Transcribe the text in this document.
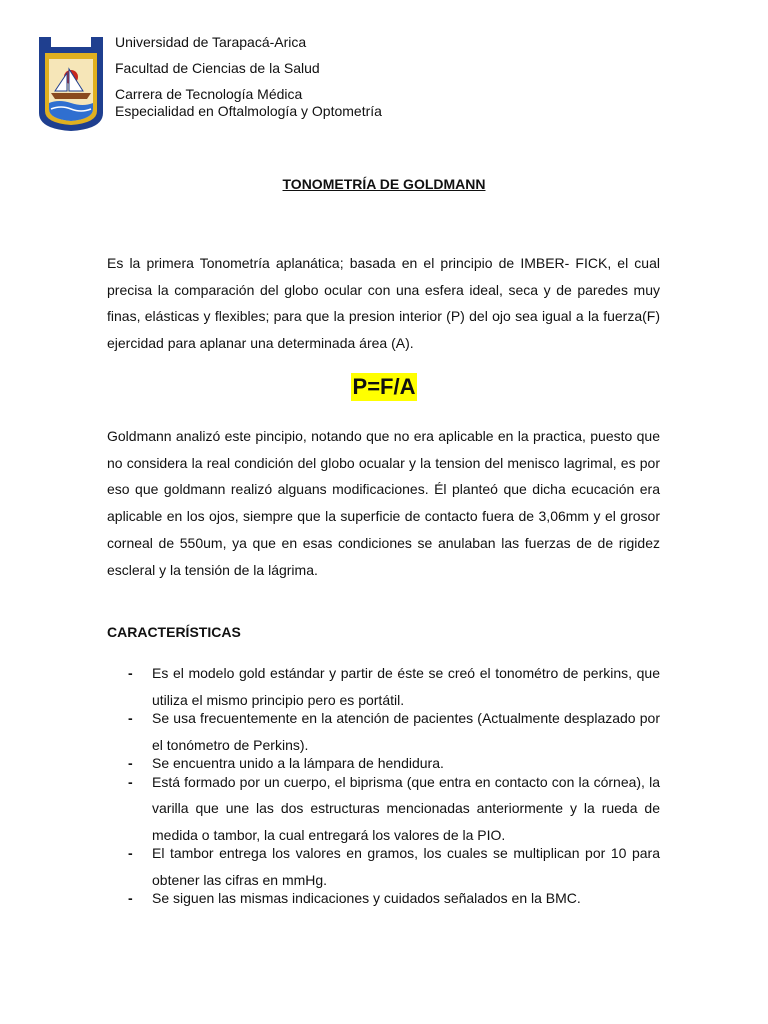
Universidad de Tarapacá-Arica
Facultad de Ciencias de la Salud
Carrera de Tecnología Médica
Especialidad en Oftalmología y Optometría
TONOMETRÍA DE GOLDMANN

Es la primera Tonometría aplanática; basada en el principio de IMBER- FICK, el cual precisa la comparación del globo ocular con una esfera ideal, seca y de paredes muy finas, elásticas y flexibles; para que la presion interior (P) del ojo sea igual a la fuerza(F) ejercidad para aplanar una determinada área (A).

P=F/A

Goldmann analizó este pincipio, notando que no era aplicable en la practica, puesto que no considera la real condición del globo ocualar y la tension del menisco lagrimal, es por eso que goldmann realizó alguans modificaciones. Él planteó que dicha ecucación era aplicable en los ojos, siempre que la superficie de contacto fuera de 3,06mm y el grosor corneal de 550um, ya que en esas condiciones se anulaban las fuerzas de de rigidez escleral y la tensión de la lágrima.

CARACTERÍSTICAS
- Es el modelo gold estándar y partir de éste se creó el tonométro de perkins, que utiliza el mismo principio pero es portátil.
- Se usa frecuentemente en la atención de pacientes (Actualmente desplazado por el tonómetro de Perkins).
- Se encuentra unido a la lámpara de hendidura.
- Está formado por un cuerpo, el biprisma (que entra en contacto con la córnea), la varilla que une las dos estructuras mencionadas anteriormente y la rueda de medida o tambor, la cual entregará los valores de la PIO.
- El tambor entrega los valores en gramos, los cuales se multiplican por 10 para obtener las cifras en mmHg.
- Se siguen las mismas indicaciones y cuidados señalados en la BMC.
